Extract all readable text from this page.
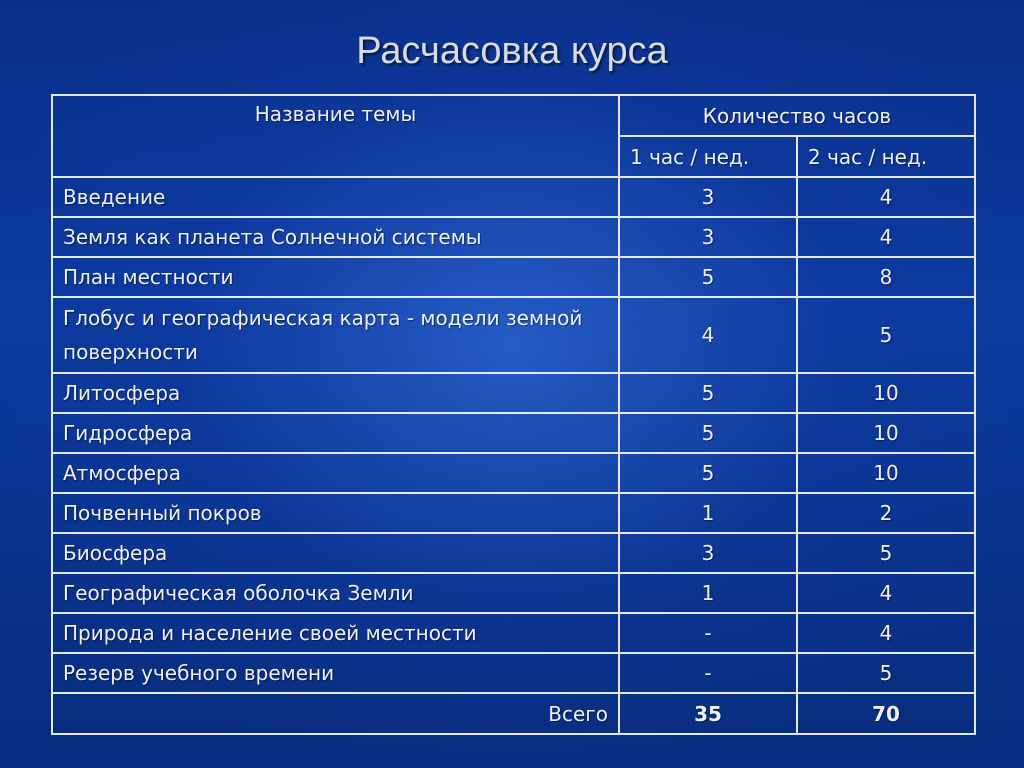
Расчасовка курса
Название темы	Количество часов	
	1 час / нед.	2 час / нед.
Введение	3	4
Земля как планета Солнечной системы	3	4
План местности	5	8
Глобус и географическая карта - модели земной поверхности	4	5
Литосфера	5	10
Гидросфера	5	10
Атмосфера	5	10
Почвенный покров	1	2
Биосфера	3	5
Географическая оболочка Земли	1	4
Природа и население своей местности	-	4
Резерв учебного времени	-	5
Всего	35	70
